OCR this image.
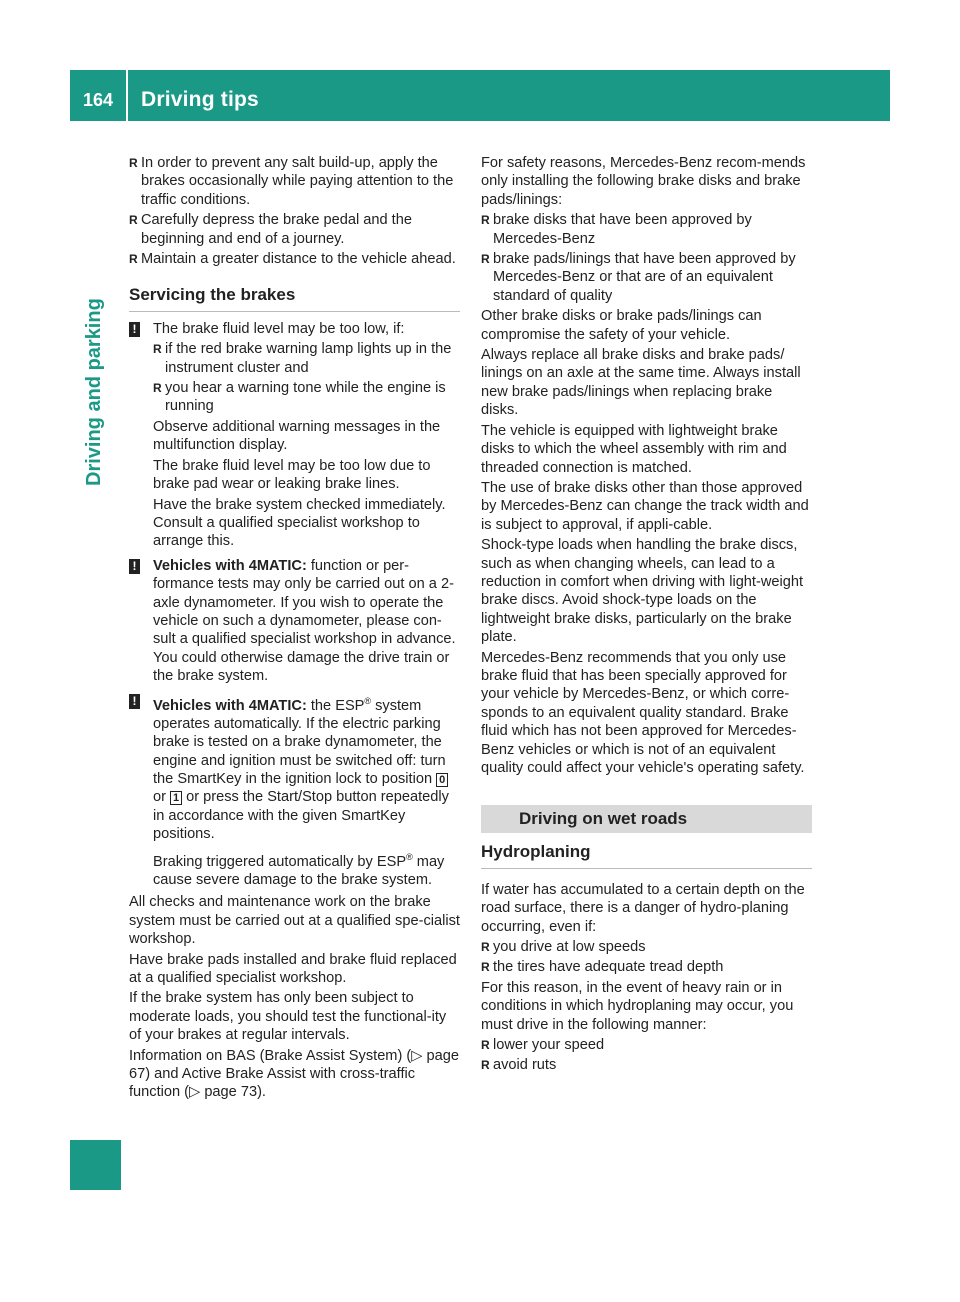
164 Driving tips
Driving and parking
R In order to prevent any salt build-up, apply the brakes occasionally while paying attention to the traffic conditions.
R Carefully depress the brake pedal and the beginning and end of a journey.
R Maintain a greater distance to the vehicle ahead.
Servicing the brakes
! The brake fluid level may be too low, if:

R if the red brake warning lamp lights up in the instrument cluster and
R you hear a warning tone while the engine is running

Observe additional warning messages in the multifunction display.

The brake fluid level may be too low due to brake pad wear or leaking brake lines.

Have the brake system checked immediately. Consult a qualified specialist workshop to arrange this.

! Vehicles with 4MATIC: function or per-formance tests may only be carried out on a 2-axle dynamometer. If you wish to operate the vehicle on such a dynamometer, please con-sult a qualified specialist workshop in advance. You could otherwise damage the drive train or the brake system.

! Vehicles with 4MATIC: the ESP® system operates automatically. If the electric parking brake is tested on a brake dynamometer, the engine and ignition must be switched off: turn the SmartKey in the ignition lock to position 0 or 1 or press the Start/Stop button repeatedly in accordance with the given SmartKey positions.

Braking triggered automatically by ESP® may cause severe damage to the brake system.

All checks and maintenance work on the brake system must be carried out at a qualified spe-cialist workshop.

Have brake pads installed and brake fluid replaced at a qualified specialist workshop.

If the brake system has only been subject to moderate loads, you should test the functional-ity of your brakes at regular intervals.

Information on BAS (Brake Assist System) (▷ page 67) and Active Brake Assist with cross-traffic function (▷ page 73).

For safety reasons, Mercedes-Benz recom-mends only installing the following brake disks and brake pads/linings:

R brake disks that have been approved by Mercedes-Benz
R brake pads/linings that have been approved by Mercedes-Benz or that are of an equivalent standard of quality

Other brake disks or brake pads/linings can compromise the safety of your vehicle.

Always replace all brake disks and brake pads/ linings on an axle at the same time. Always install new brake pads/linings when replacing brake disks.

The vehicle is equipped with lightweight brake disks to which the wheel assembly with rim and threaded connection is matched.

The use of brake disks other than those approved by Mercedes-Benz can change the track width and is subject to approval, if appli-cable.

Shock-type loads when handling the brake discs, such as when changing wheels, can lead to a reduction in comfort when driving with light-weight brake discs. Avoid shock-type loads on the lightweight brake disks, particularly on the brake plate.

Mercedes-Benz recommends that you only use brake fluid that has been specially approved for your vehicle by Mercedes-Benz, or which corre-sponds to an equivalent quality standard. Brake fluid which has not been approved for Mercedes-Benz vehicles or which is not of an equivalent quality could affect your vehicle's operating safety.

Driving on wet roads
Hydroplaning

If water has accumulated to a certain depth on the road surface, there is a danger of hydro-planing occurring, even if:

R you drive at low speeds
R the tires have adequate tread depth

For this reason, in the event of heavy rain or in conditions in which hydroplaning may occur, you must drive in the following manner:

R lower your speed
R avoid ruts
